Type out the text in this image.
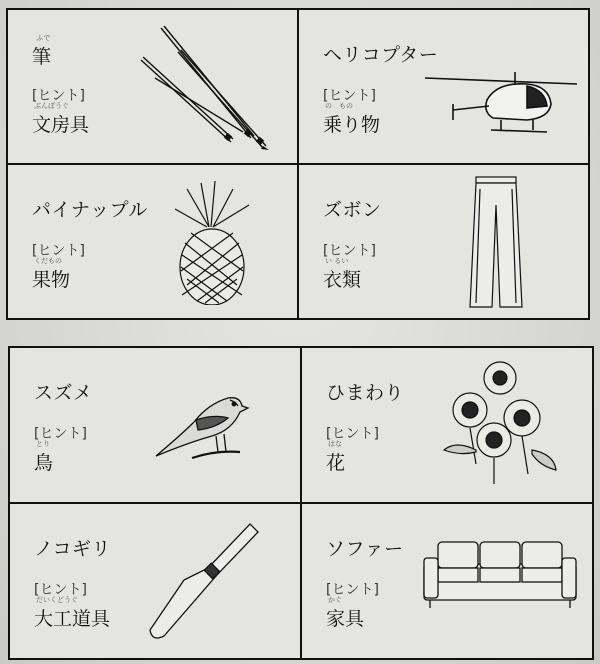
ふで
筆
[ヒント]
ぶんぼうぐ
文房具
ヘリコプター
[ヒント]
の　もの
乗り物
パイナップル
[ヒント]
くだもの
果物
ズボン
[ヒント]
い るい
衣類
スズメ
[ヒント]
とり
鳥
ひまわり
[ヒント]
はな
花
ノコギリ
[ヒント]
だいくどうぐ
大工道具
ソファー
[ヒント]
かぐ
家具
